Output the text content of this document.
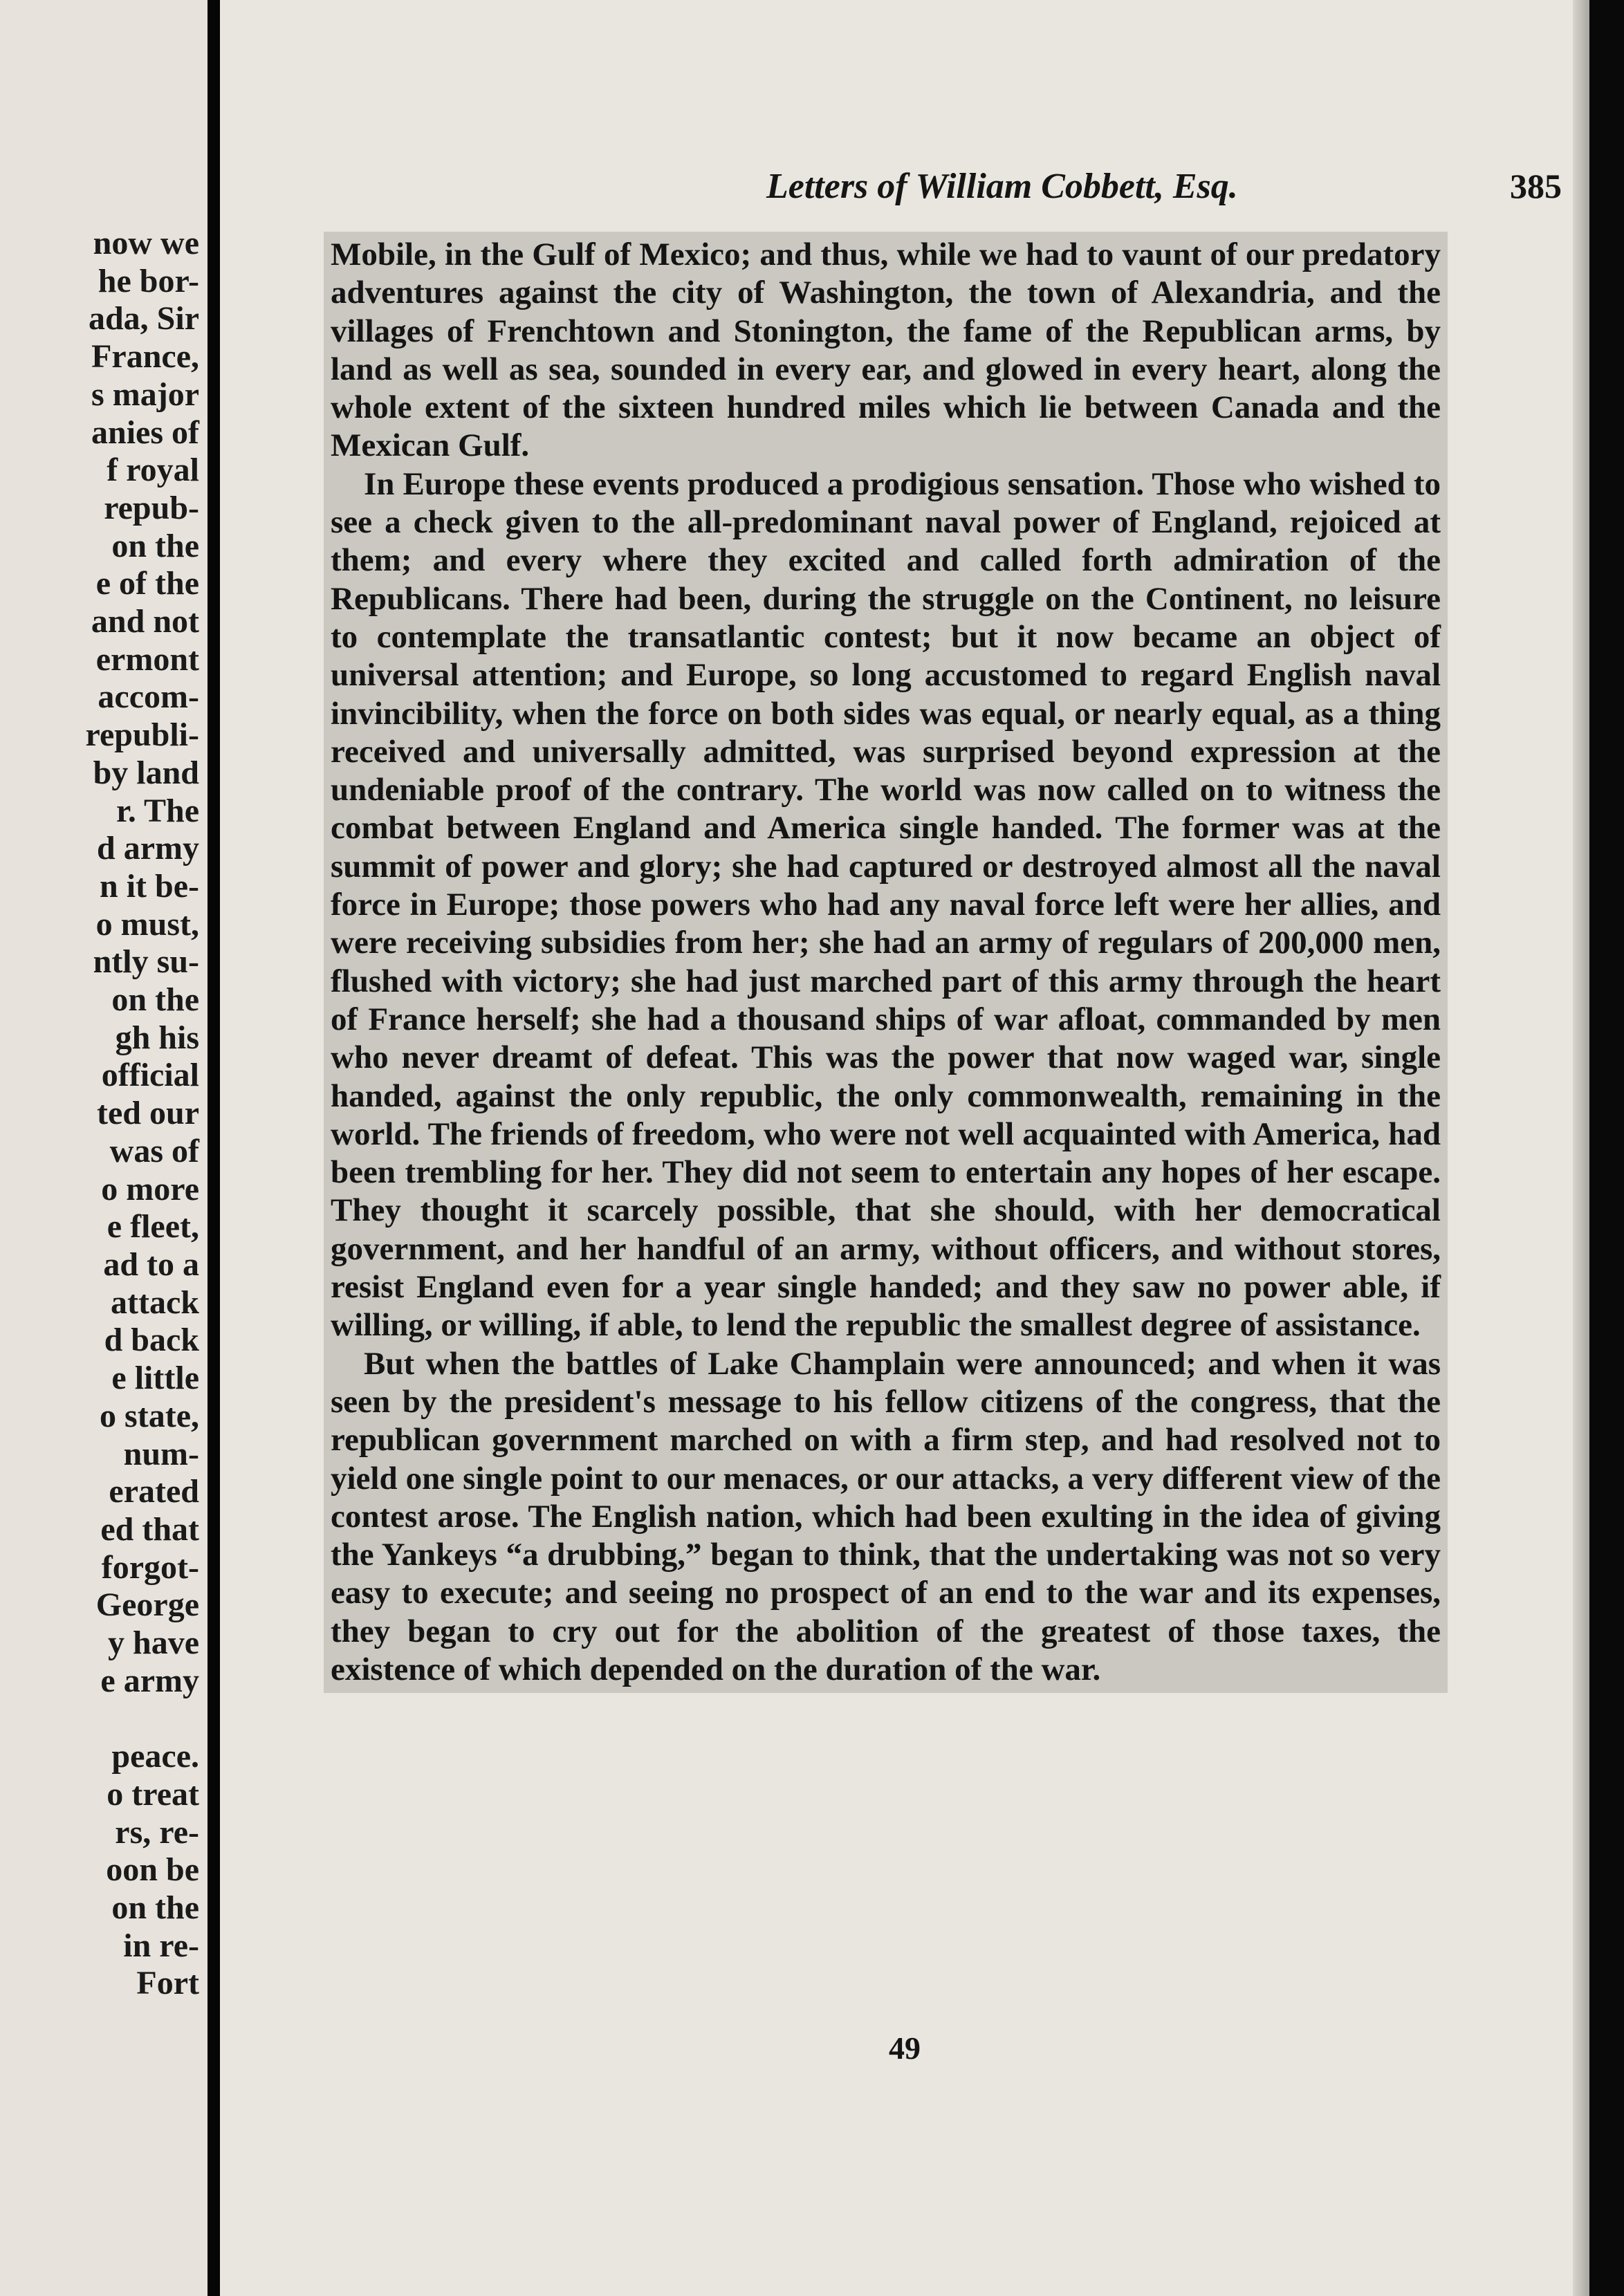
now we
he bor-
ada, Sir
France,
s major
anies of
f royal
repub-
on the
e of the
and not
ermont
accom-
republi-
by land
r. The
d army
n it be-
o must,
ntly su-
on the
gh his
official
ted our
was of
o more
e fleet,
ad to a
attack
d back
e little
o state,
num-
erated
ed that
forgot-
George
y have
e army
peace.
o treat
rs, re-
oon be
on the
in re-
Fort
Letters of William Cobbett, Esq.	385

Mobile, in the Gulf of Mexico; and thus, while we had to vaunt of our predatory adventures against the city of Washington, the town of Alexandria, and the villages of Frenchtown and Stonington, the fame of the Republican arms, by land as well as sea, sounded in every ear, and glowed in every heart, along the whole extent of the sixteen hundred miles which lie between Canada and the Mexican Gulf.

In Europe these events produced a prodigious sensation. Those who wished to see a check given to the all-predominant naval power of England, rejoiced at them; and every where they excited and called forth admiration of the Republicans. There had been, during the struggle on the Continent, no leisure to contemplate the transatlantic contest; but it now became an object of universal attention; and Europe, so long accustomed to regard English naval invincibility, when the force on both sides was equal, or nearly equal, as a thing received and universally admitted, was surprised beyond expression at the undeniable proof of the contrary. The world was now called on to witness the combat between England and America single handed. The former was at the summit of power and glory; she had captured or destroyed almost all the naval force in Europe; those powers who had any naval force left were her allies, and were receiving subsidies from her; she had an army of regulars of 200,000 men, flushed with victory; she had just marched part of this army through the heart of France herself; she had a thousand ships of war afloat, commanded by men who never dreamt of defeat. This was the power that now waged war, single handed, against the only republic, the only commonwealth, remaining in the world. The friends of freedom, who were not well acquainted with America, had been trembling for her. They did not seem to entertain any hopes of her escape. They thought it scarcely possible, that she should, with her democratical government, and her handful of an army, without officers, and without stores, resist England even for a year single handed; and they saw no power able, if willing, or willing, if able, to lend the republic the smallest degree of assistance.

But when the battles of Lake Champlain were announced; and when it was seen by the president's message to his fellow citizens of the congress, that the republican government marched on with a firm step, and had resolved not to yield one single point to our menaces, or our attacks, a very different view of the contest arose. The English nation, which had been exulting in the idea of giving the Yankeys “a drubbing,” began to think, that the undertaking was not so very easy to execute; and seeing no prospect of an end to the war and its expenses, they began to cry out for the abolition of the greatest of those taxes, the existence of which depended on the duration of the war.

49
